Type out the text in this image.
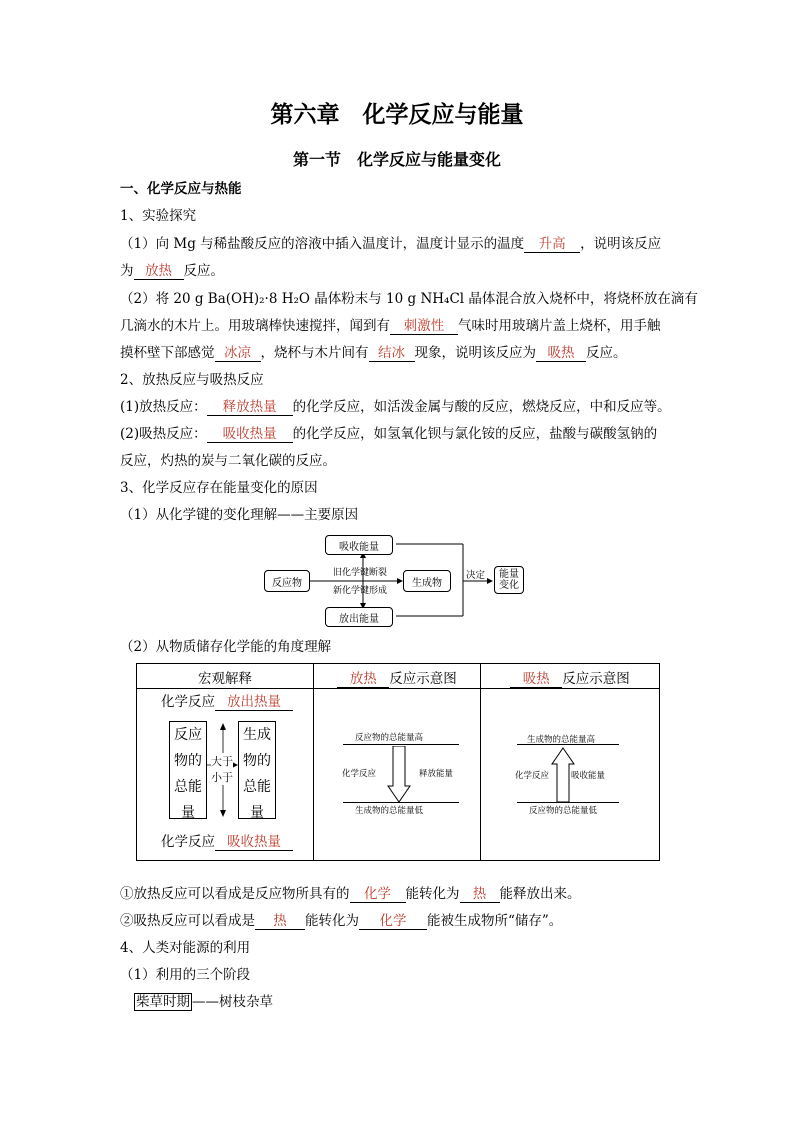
第六章　化学反应与能量
第一节　化学反应与能量变化
一、化学反应与热能
1、实验探究
（1）向 Mg 与稀盐酸反应的溶液中插入温度计，温度计显示的温度 升高 ，说明该反应
为 放热 反应。
（2）将 20 g Ba(OH)₂·8 H₂O 晶体粉末与 10 g NH₄Cl 晶体混合放入烧杯中，将烧杯放在滴有
几滴水的木片上。用玻璃棒快速搅拌，闻到有 刺激性 气味时用玻璃片盖上烧杯，用手触
摸杯壁下部感觉 冰凉 ，烧杯与木片间有 结冰 现象，说明该反应为 吸热 反应。
2、放热反应与吸热反应
(1)放热反应： 释放热量 的化学反应，如活泼金属与酸的反应，燃烧反应，中和反应等。
(2)吸热反应： 吸收热量 的化学反应，如氢氧化钡与氯化铵的反应，盐酸与碳酸氢钠的
反应，灼热的炭与二氧化碳的反应。
3、化学反应存在能量变化的原因
（1）从化学键的变化理解——主要原因
吸收能量
反应物
旧化学键断裂
新化学键形成
生成物
放出能量
决定	能量变化
（2）从物质储存化学能的角度理解
宏观解释	放热 反应示意图	吸热 反应示意图
化学反应 放出热量
反应物的总能量
生成物的总能量
大于
小于
化学反应 吸收热量
反应物的总能量高
化学反应	释放能量
生成物的总能量低
生成物的总能量高
化学反应	吸收能量
反应物的总能量低
①放热反应可以看成是反应物所具有的 化学 能转化为 热 能释放出来。
②吸热反应可以看成是 热 能转化为 化学 能被生成物所“储存”。
4、人类对能源的利用
（1）利用的三个阶段
柴草时期 ——树枝杂草
